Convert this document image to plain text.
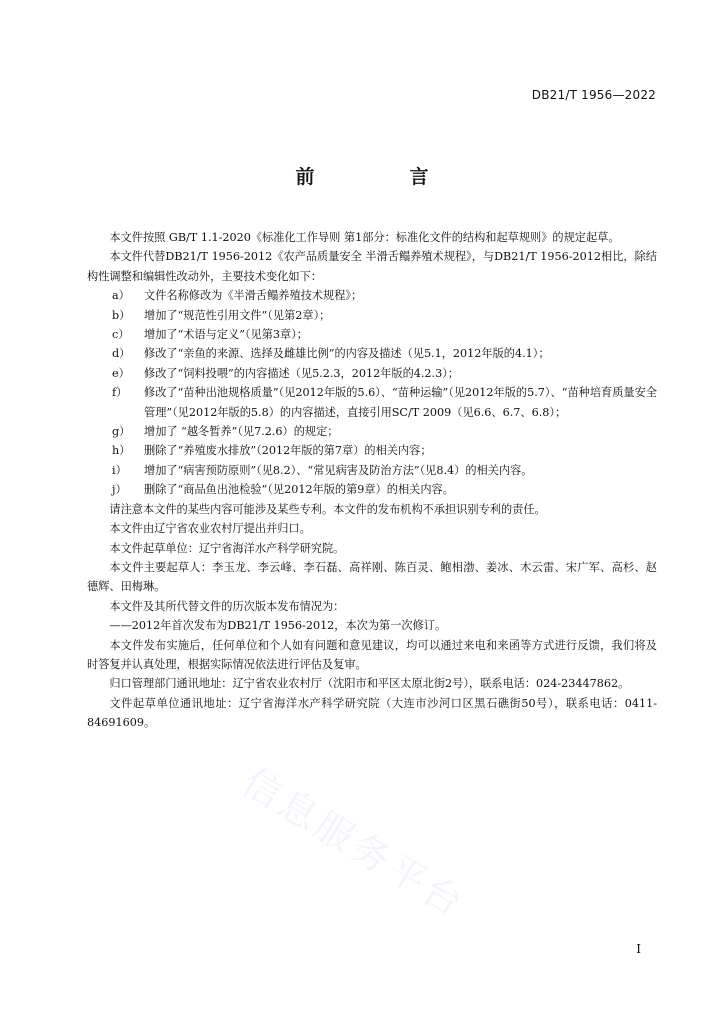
DB21/T 1956—2022
前　言
信息服务平台

本文件按照 GB/T 1.1-2020《标准化工作导则 第1部分：标准化文件的结构和起草规则》的规定起草。

本文件代替DB21/T 1956-2012《农产品质量安全 半滑舌鳎养殖术规程》，与DB21/T 1956-2012相比，除结构性调整和编辑性改动外，主要技术变化如下：

a） 文件名称修改为《半滑舌鳎养殖技术规程》；

b） 增加了“规范性引用文件”（见第2章）；

c） 增加了“术语与定义”（见第3章）；

d） 修改了“亲鱼的来源、选择及雌雄比例”的内容及描述（见5.1，2012年版的4.1）；

e） 修改了“饲料投喂”的内容描述（见5.2.3，2012年版的4.2.3）；

f） 修改了“苗种出池规格质量”（见2012年版的5.6）、“苗种运输”（见2012年版的5.7）、“苗种培育质量安全管理”（见2012年版的5.8）的内容描述，直接引用SC/T 2009（见6.6、6.7、6.8）；

g） 增加了 “越冬暂养”（见7.2.6）的规定；

h） 删除了“养殖废水排放”（2012年版的第7章）的相关内容；

i） 增加了“病害预防原则”（见8.2）、“常见病害及防治方法”（见8.4）的相关内容。

j） 删除了“商品鱼出池检验”（见2012年版的第9章）的相关内容。

请注意本文件的某些内容可能涉及某些专利。本文件的发布机构不承担识别专利的责任。

本文件由辽宁省农业农村厅提出并归口。

本文件起草单位：辽宁省海洋水产科学研究院。

本文件主要起草人：李玉龙、李云峰、李石磊、高祥刚、陈百灵、鲍相渤、姜冰、木云雷、宋广军、高杉、赵德辉、田梅琳。

本文件及其所代替文件的历次版本发布情况为：

——2012年首次发布为DB21/T 1956-2012，本次为第一次修订。

本文件发布实施后，任何单位和个人如有问题和意见建议，均可以通过来电和来函等方式进行反馈，我们将及时答复并认真处理，根据实际情况依法进行评估及复审。

归口管理部门通讯地址：辽宁省农业农村厅（沈阳市和平区太原北街2号），联系电话：024-23447862。

文件起草单位通讯地址：辽宁省海洋水产科学研究院（大连市沙河口区黑石礁街50号），联系电话：0411-84691609。

I
